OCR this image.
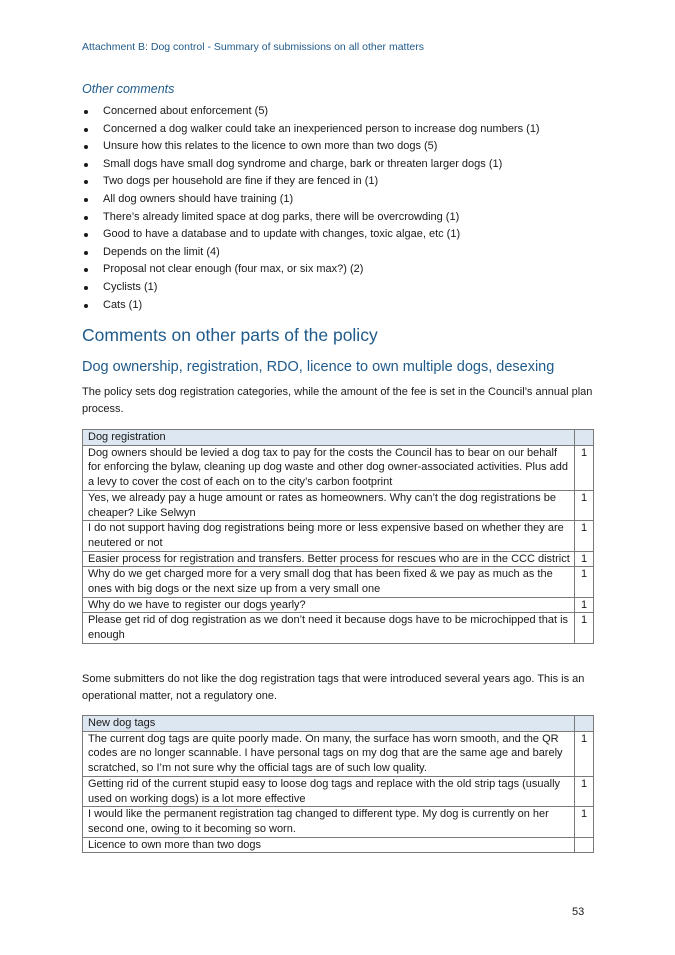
Attachment B: Dog control - Summary of submissions on all other matters
Other comments
Concerned about enforcement (5)
Concerned a dog walker could take an inexperienced person to increase dog numbers (1)
Unsure how this relates to the licence to own more than two dogs (5)
Small dogs have small dog syndrome and charge, bark or threaten larger dogs (1)
Two dogs per household are fine if they are fenced in (1)
All dog owners should have training (1)
There’s already limited space at dog parks, there will be overcrowding (1)
Good to have a database and to update with changes, toxic algae, etc (1)
Depends on the limit (4)
Proposal not clear enough (four max, or six max?) (2)
Cyclists (1)
Cats (1)
Comments on other parts of the policy
Dog ownership, registration, RDO, licence to own multiple dogs, desexing
The policy sets dog registration categories, while the amount of the fee is set in the Council’s annual plan process.
Dog registration	
Dog owners should be levied a dog tax to pay for the costs the Council has to bear on our behalf for enforcing the bylaw, cleaning up dog waste and other dog owner-associated activities. Plus add a levy to cover the cost of each on to the city’s carbon footprint	1
Yes, we already pay a huge amount or rates as homeowners. Why can’t the dog registrations be cheaper? Like Selwyn	1
I do not support having dog registrations being more or less expensive based on whether they are neutered or not	1
Easier process for registration and transfers. Better process for rescues who are in the CCC district	1
Why do we get charged more for a very small dog that has been fixed & we pay as much as the ones with big dogs or the next size up from a very small one	1
Why do we have to register our dogs yearly?	1
Please get rid of dog registration as we don’t need it because dogs have to be microchipped that is enough	1
Some submitters do not like the dog registration tags that were introduced several years ago. This is an operational matter, not a regulatory one.
New dog tags	
The current dog tags are quite poorly made. On many, the surface has worn smooth, and the QR codes are no longer scannable. I have personal tags on my dog that are the same age and barely scratched, so I’m not sure why the official tags are of such low quality.	1
Getting rid of the current stupid easy to loose dog tags and replace with the old strip tags (usually used on working dogs) is a lot more effective	1
I would like the permanent registration tag changed to different type. My dog is currently on her second one, owing to it becoming so worn.	1
Licence to own more than two dogs	
53
